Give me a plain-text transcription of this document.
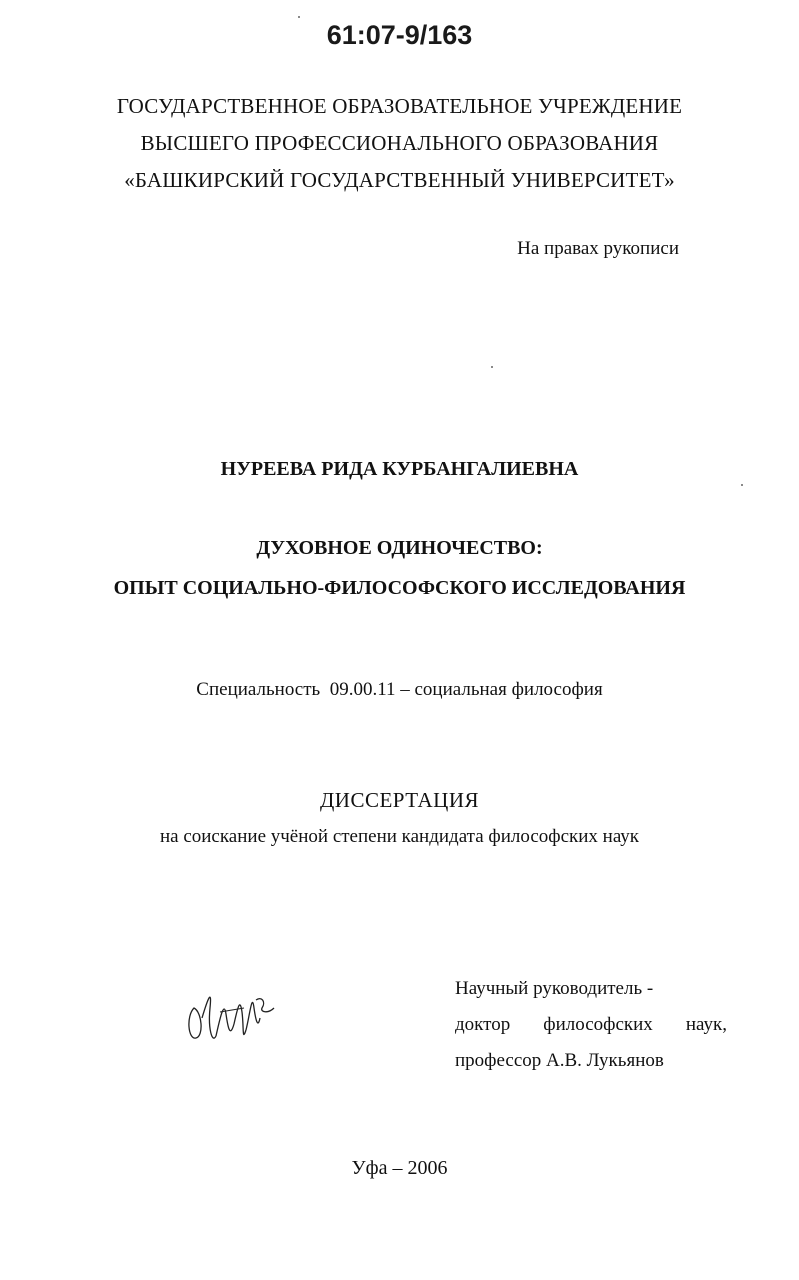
61:07-9/163
ГОСУДАРСТВЕННОЕ ОБРАЗОВАТЕЛЬНОЕ УЧРЕЖДЕНИЕ
ВЫСШЕГО ПРОФЕССИОНАЛЬНОГО ОБРАЗОВАНИЯ
«БАШКИРСКИЙ ГОСУДАРСТВЕННЫЙ УНИВЕРСИТЕТ»
На правах рукописи
НУРЕЕВА РИДА КУРБАНГАЛИЕВНА
ДУХОВНОЕ ОДИНОЧЕСТВО:
ОПЫТ СОЦИАЛЬНО-ФИЛОСОФСКОГО ИССЛЕДОВАНИЯ
Специальность  09.00.11 – социальная философия
ДИССЕРТАЦИЯ
на соискание учёной степени кандидата философских наук
Научный руководитель -
доктор философских наук,
профессор А.В. Лукьянов
Уфа – 2006
